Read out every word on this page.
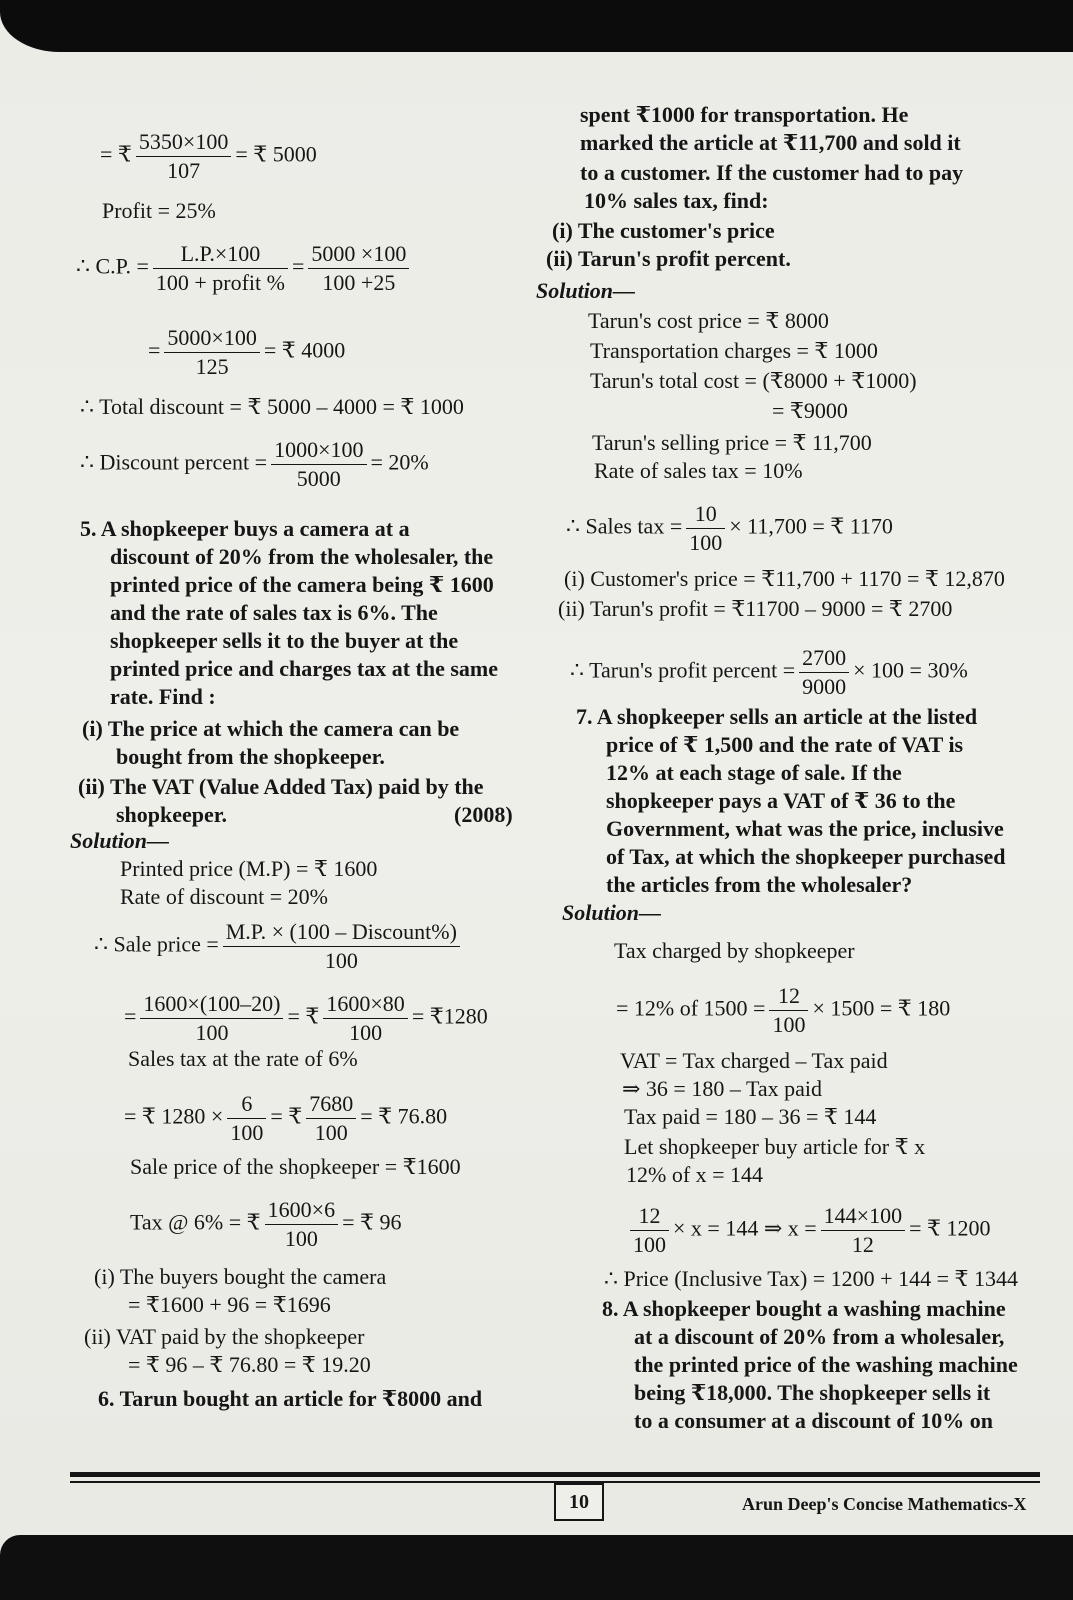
= ₹ $\frac{5350\times 100}{107}$ = ₹ 5000
Profit = 25%
∴ C.P. = $\frac{L.P.\times 100}{\text{100 + profit \%}} = \frac{5000 \times 100}{100 +25}$
= $\frac{5000\times 100}{125}$ = ₹ 4000
∴ Total discount = ₹ 5000 – 4000 = ₹ 1000
∴ Discount percent = $\frac{1000\times 100}{5000} = 20\%$
5. A shopkeeper buys a camera at a
discount of 20% from the wholesaler, the
printed price of the camera being ₹ 1600
and the rate of sales tax is 6%. The
shopkeeper sells it to the buyer at the
printed price and charges tax at the same
rate. Find :
(i) The price at which the camera can be
bought from the shopkeeper.
(ii) The VAT (Value Added Tax) paid by the
shopkeeper.	(2008)
Solution—
Printed price (M.P) = ₹ 1600
Rate of discount = 20%
∴ Sale price = $\frac{\text{M.P. × (100 – Discount\%)}}{100}$
= $\frac{1600\times(100-20)}{100}$ = ₹ $\frac{1600\times 80}{100}$ = ₹1280
Sales tax at the rate of 6%
= ₹ $1280 \times \frac{6}{100}$ = ₹ $\frac{7680}{100}$ = ₹ 76.80
Sale price of the shopkeeper = ₹1600
Tax @ 6% = ₹ $\frac{1600\times 6}{100}$ = ₹ 96
(i) The buyers bought the camera
= ₹1600 + 96 = ₹1696
(ii) VAT paid by the shopkeeper
= ₹ 96 – ₹ 76.80 = ₹ 19.20
6. Tarun bought an article for ₹8000 and
spent ₹1000 for transportation. He
marked the article at ₹11,700 and sold it
to a customer. If the customer had to pay
10% sales tax, find:
(i) The customer's price
(ii) Tarun's profit percent.
Solution—
Tarun's cost price = ₹ 8000
Transportation charges = ₹ 1000
Tarun's total cost = (₹8000 + ₹1000)
= ₹9000
Tarun's selling price = ₹ 11,700
Rate of sales tax = 10%
∴ Sales tax = $\frac{10}{100} \times 11,700$ = ₹ 1170
(i) Customer's price = ₹11,700 + 1170 = ₹ 12,870
(ii) Tarun's profit = ₹11700 – 9000 = ₹ 2700
∴ Tarun's profit percent = $\frac{2700}{9000} \times 100 = 30\%$
7. A shopkeeper sells an article at the listed
price of ₹ 1,500 and the rate of VAT is
12% at each stage of sale. If the
shopkeeper pays a VAT of ₹ 36 to the
Government, what was the price, inclusive
of Tax, at which the shopkeeper purchased
the articles from the wholesaler?
Solution—
Tax charged by shopkeeper
= 12% of $1500 = \frac{12}{100} \times 1500$ = ₹ 180
VAT = Tax charged – Tax paid
⇒ 36 = 180 – Tax paid
Tax paid = 180 – 36 = ₹ 144
Let shopkeeper buy article for ₹ x
12% of x = 144
$\frac{12}{100} \times x = 144$ ⇒ $x = \frac{144\times 100}{12}$ = ₹ 1200
∴ Price (Inclusive Tax) = 1200 + 144 = ₹ 1344
8. A shopkeeper bought a washing machine
at a discount of 20% from a wholesaler,
the printed price of the washing machine
being ₹18,000. The shopkeeper sells it
to a consumer at a discount of 10% on
10	Arun Deep's Concise Mathematics-X
